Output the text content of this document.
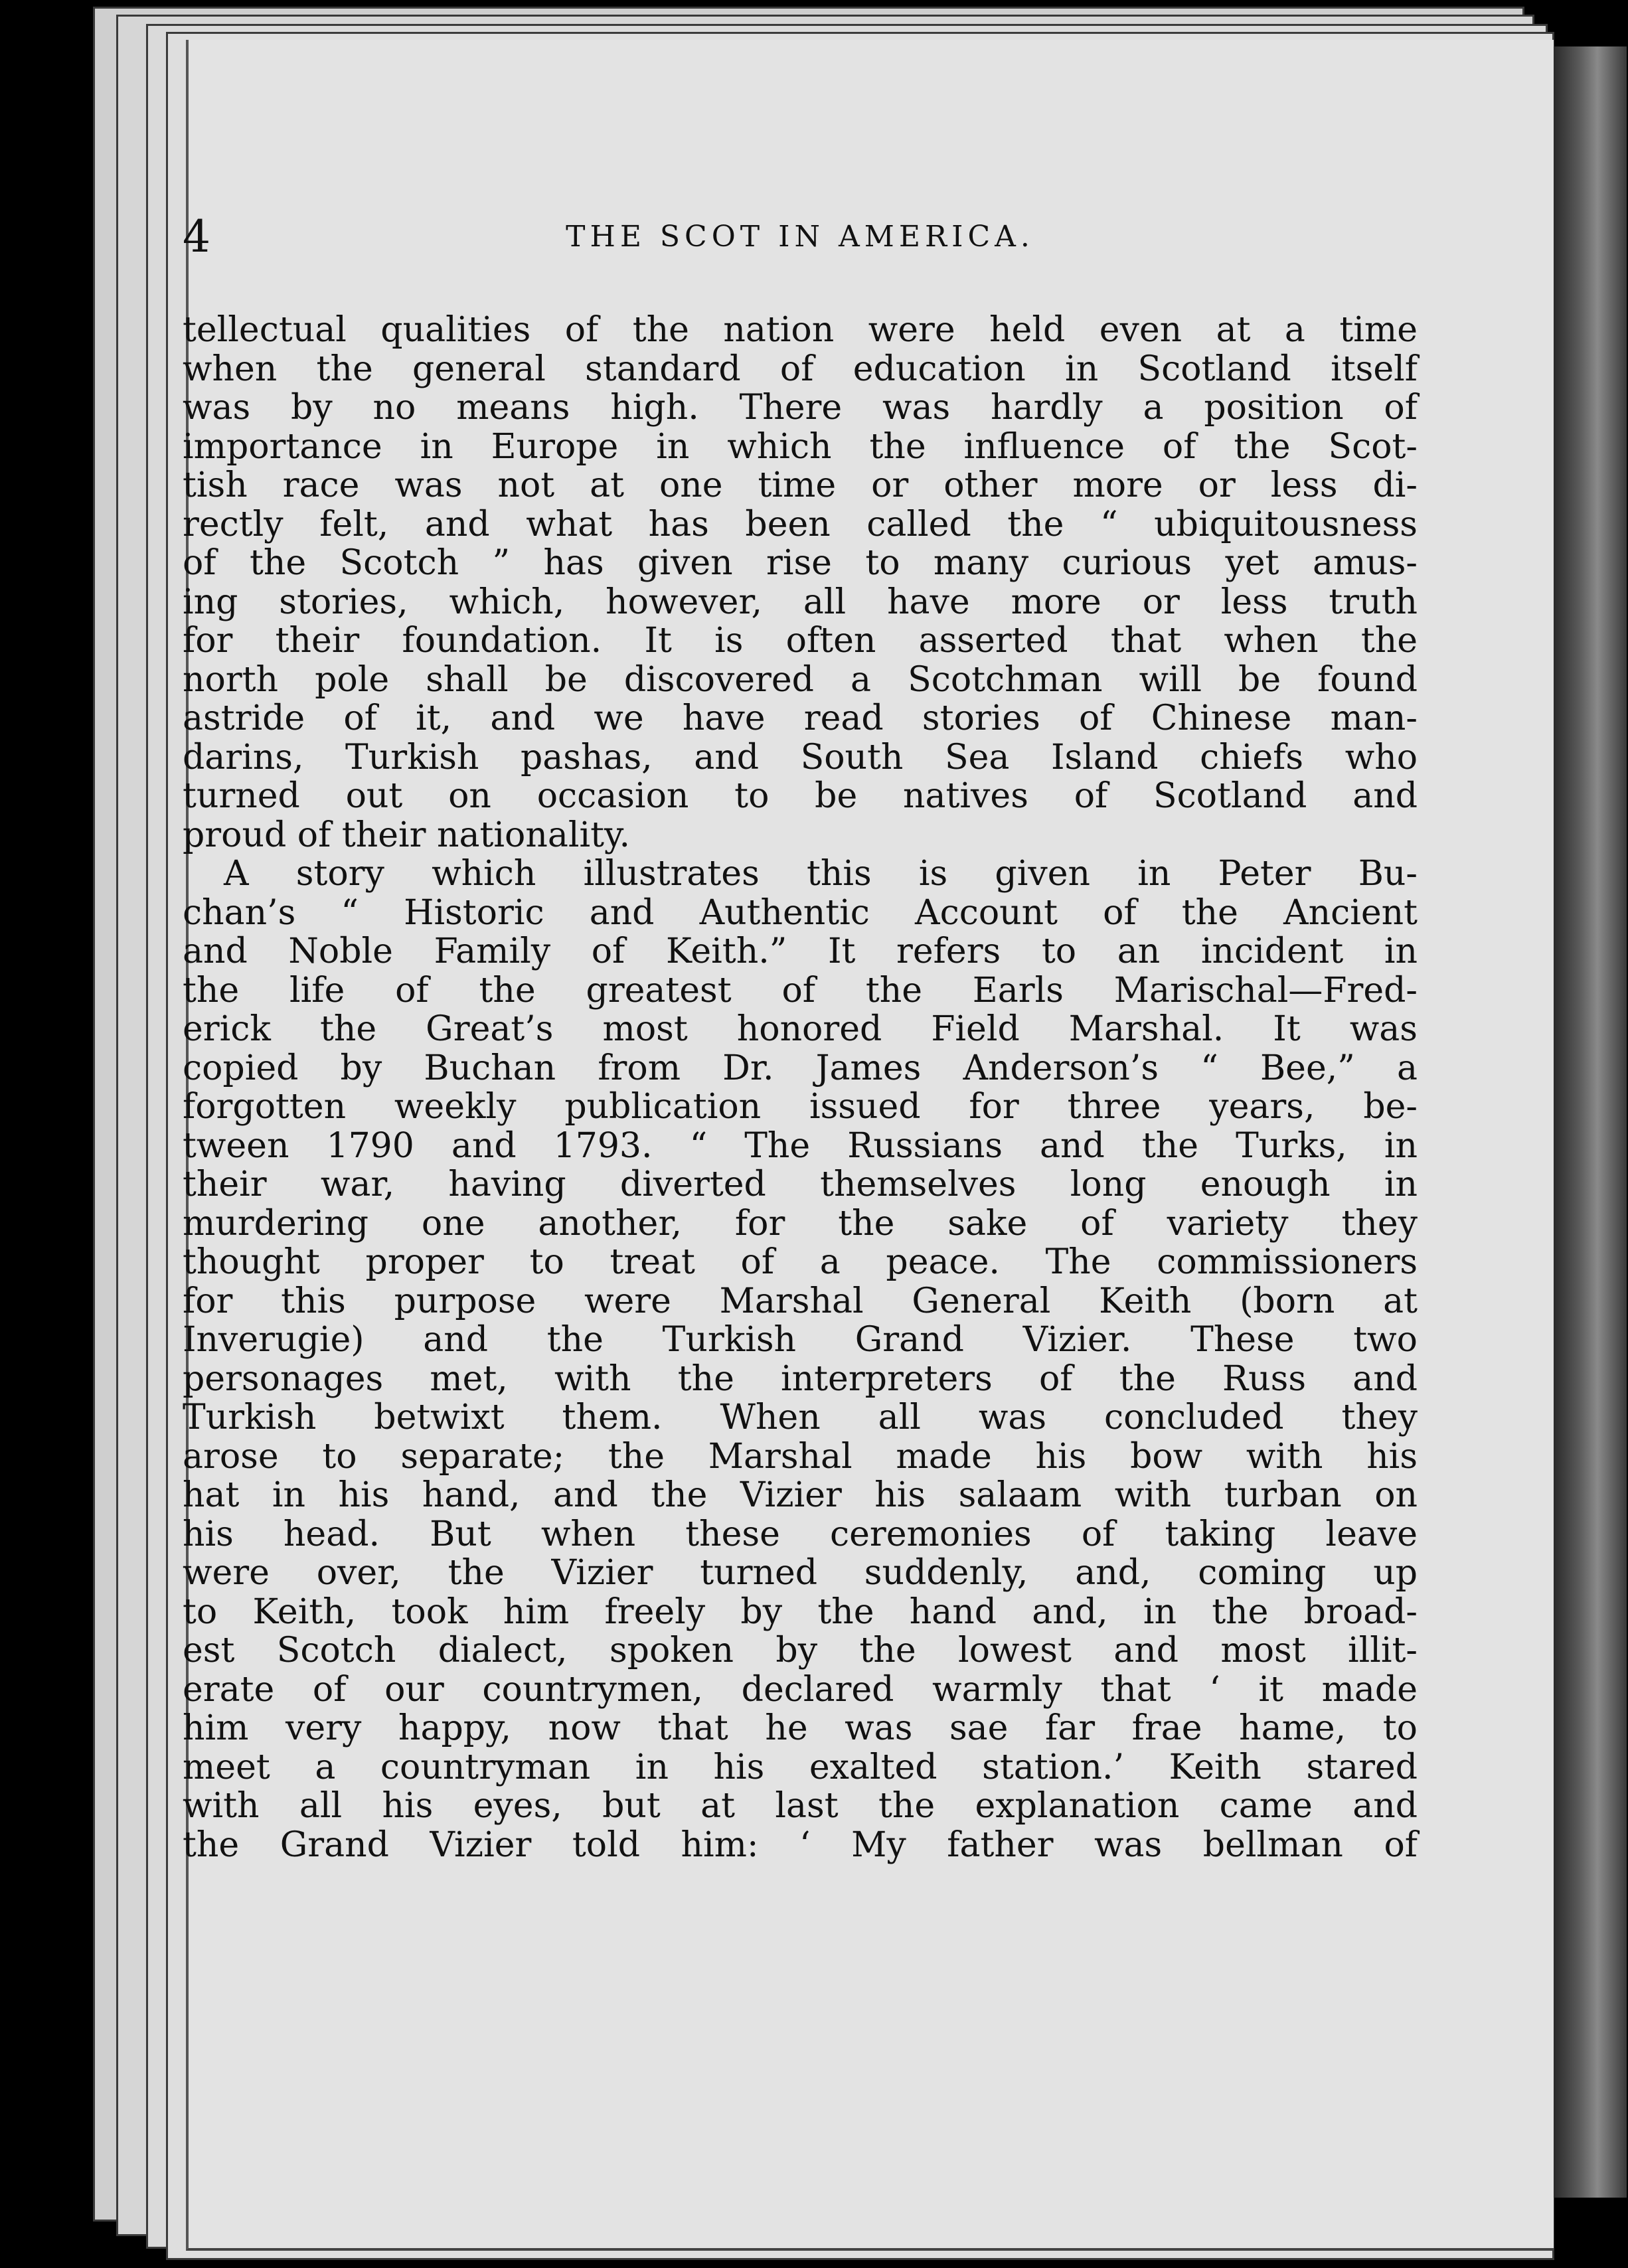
4	THE SCOT IN AMERICA.

tellectual qualities of the nation were held even at a time

when the general standard of education in Scotland itself

was by no means high. There was hardly a position of

importance in Europe in which the influence of the Scot-

tish race was not at one time or other more or less di-

rectly felt, and what has been called the “ ubiquitousness

of the Scotch ” has given rise to many curious yet amus-

ing stories, which, however, all have more or less truth

for their foundation. It is often asserted that when the

north pole shall be discovered a Scotchman will be found

astride of it, and we have read stories of Chinese man-

darins, Turkish pashas, and South Sea Island chiefs who

turned out on occasion to be natives of Scotland and

proud of their nationality.

A story which illustrates this is given in Peter Bu-

chan’s “ Historic and Authentic Account of the Ancient

and Noble Family of Keith.” It refers to an incident in

the life of the greatest of the Earls Marischal—Fred-

erick the Great’s most honored Field Marshal. It was

copied by Buchan from Dr. James Anderson’s “ Bee,” a

forgotten weekly publication issued for three years, be-

tween 1790 and 1793. “ The Russians and the Turks, in

their war, having diverted themselves long enough in

murdering one another, for the sake of variety they

thought proper to treat of a peace. The commissioners

for this purpose were Marshal General Keith (born at

Inverugie) and the Turkish Grand Vizier. These two

personages met, with the interpreters of the Russ and

Turkish betwixt them. When all was concluded they

arose to separate; the Marshal made his bow with his

hat in his hand, and the Vizier his salaam with turban on

his head. But when these ceremonies of taking leave

were over, the Vizier turned suddenly, and, coming up

to Keith, took him freely by the hand and, in the broad-

est Scotch dialect, spoken by the lowest and most illit-

erate of our countrymen, declared warmly that ‘ it made

him very happy, now that he was sae far frae hame, to

meet a countryman in his exalted station.’ Keith stared

with all his eyes, but at last the explanation came and

the Grand Vizier told him: ‘ My father was bellman of
